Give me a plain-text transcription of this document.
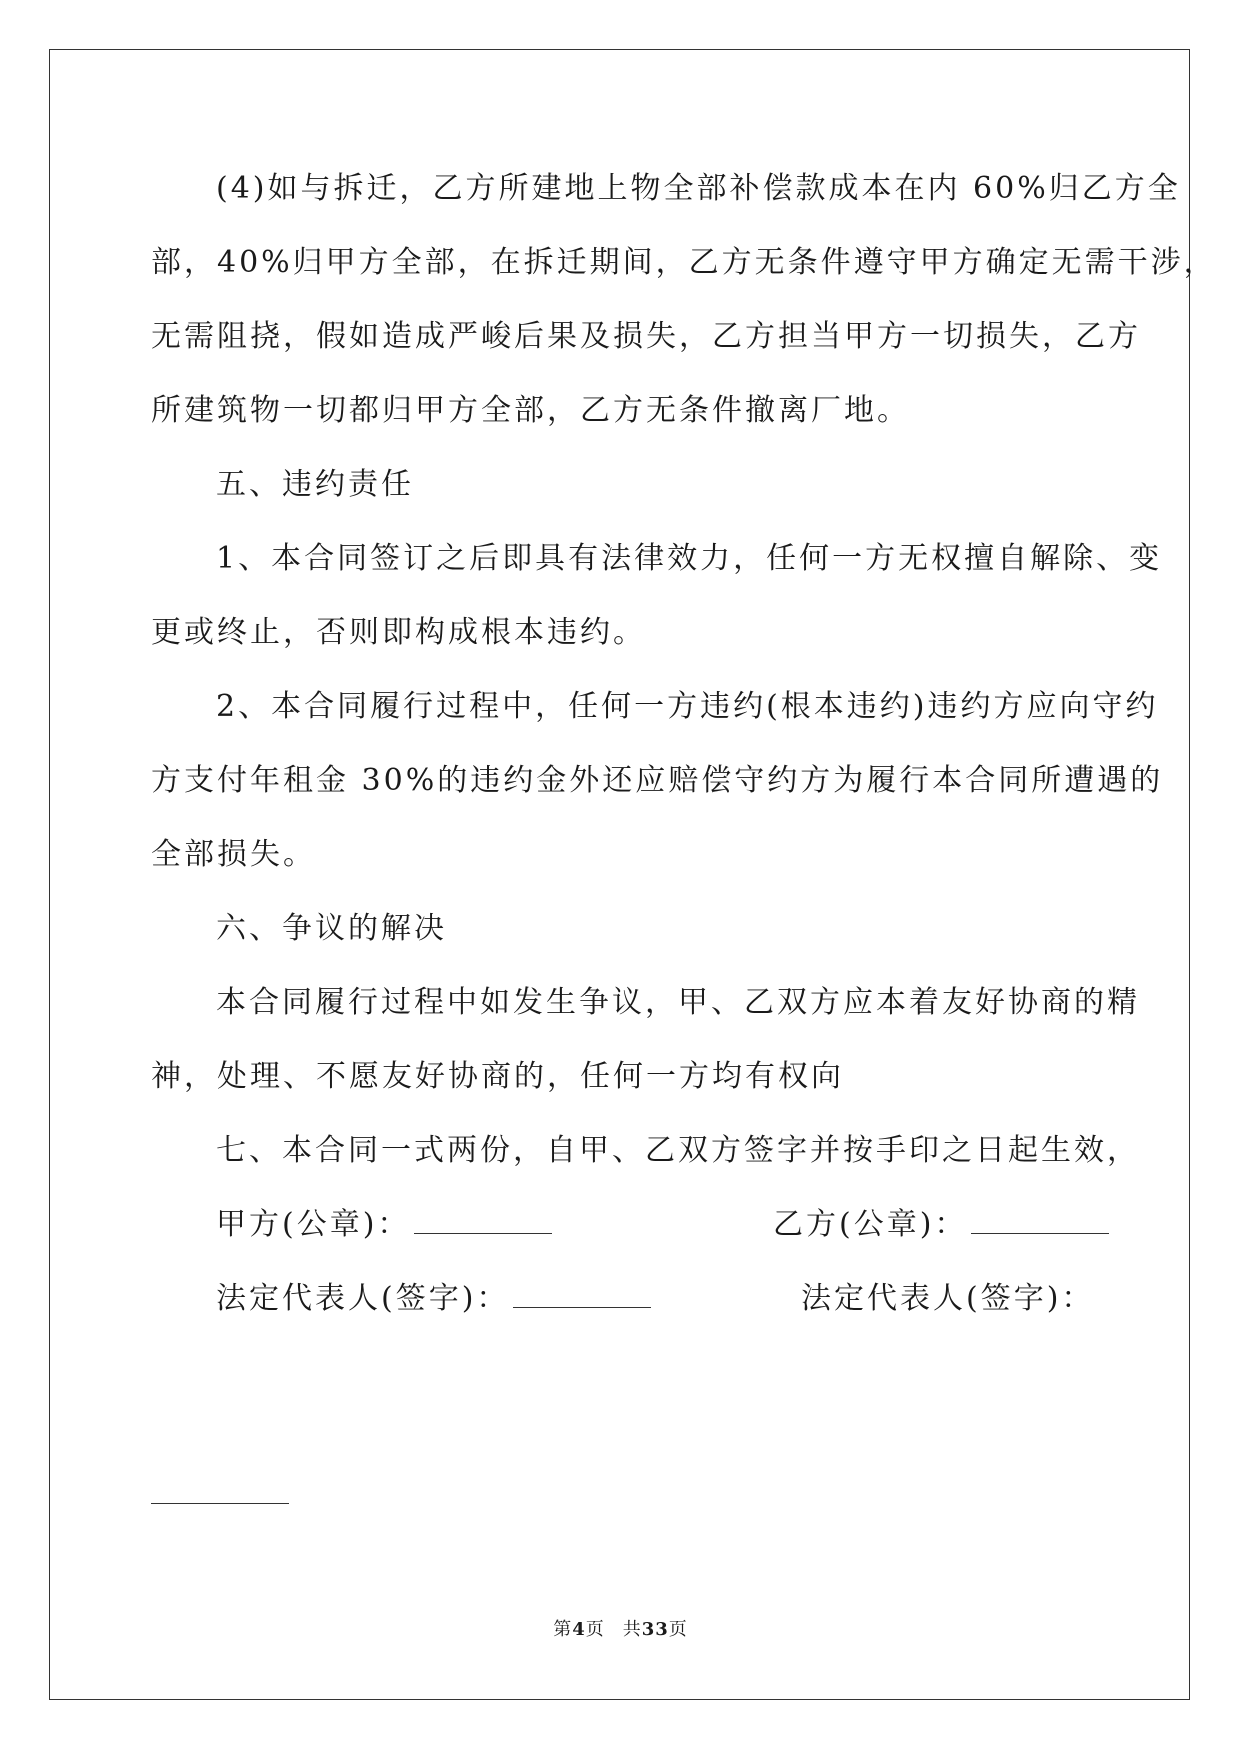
(4)如与拆迁，乙方所建地上物全部补偿款成本在内 60%归乙方全
部，40%归甲方全部，在拆迁期间，乙方无条件遵守甲方确定无需干涉，
无需阻挠，假如造成严峻后果及损失，乙方担当甲方一切损失，乙方
所建筑物一切都归甲方全部，乙方无条件撤离厂地。
五、违约责任
1、本合同签订之后即具有法律效力，任何一方无权擅自解除、变
更或终止，否则即构成根本违约。
2、本合同履行过程中，任何一方违约(根本违约)违约方应向守约
方支付年租金 30%的违约金外还应赔偿守约方为履行本合同所遭遇的
全部损失。
六、争议的解决
本合同履行过程中如发生争议，甲、乙双方应本着友好协商的精
神，处理、不愿友好协商的，任何一方均有权向
七、本合同一式两份，自甲、乙双方签字并按手印之日起生效，
甲方(公章)：	乙方(公章)：
法定代表人(签字)：	法定代表人(签字)：
第4页 共33页
